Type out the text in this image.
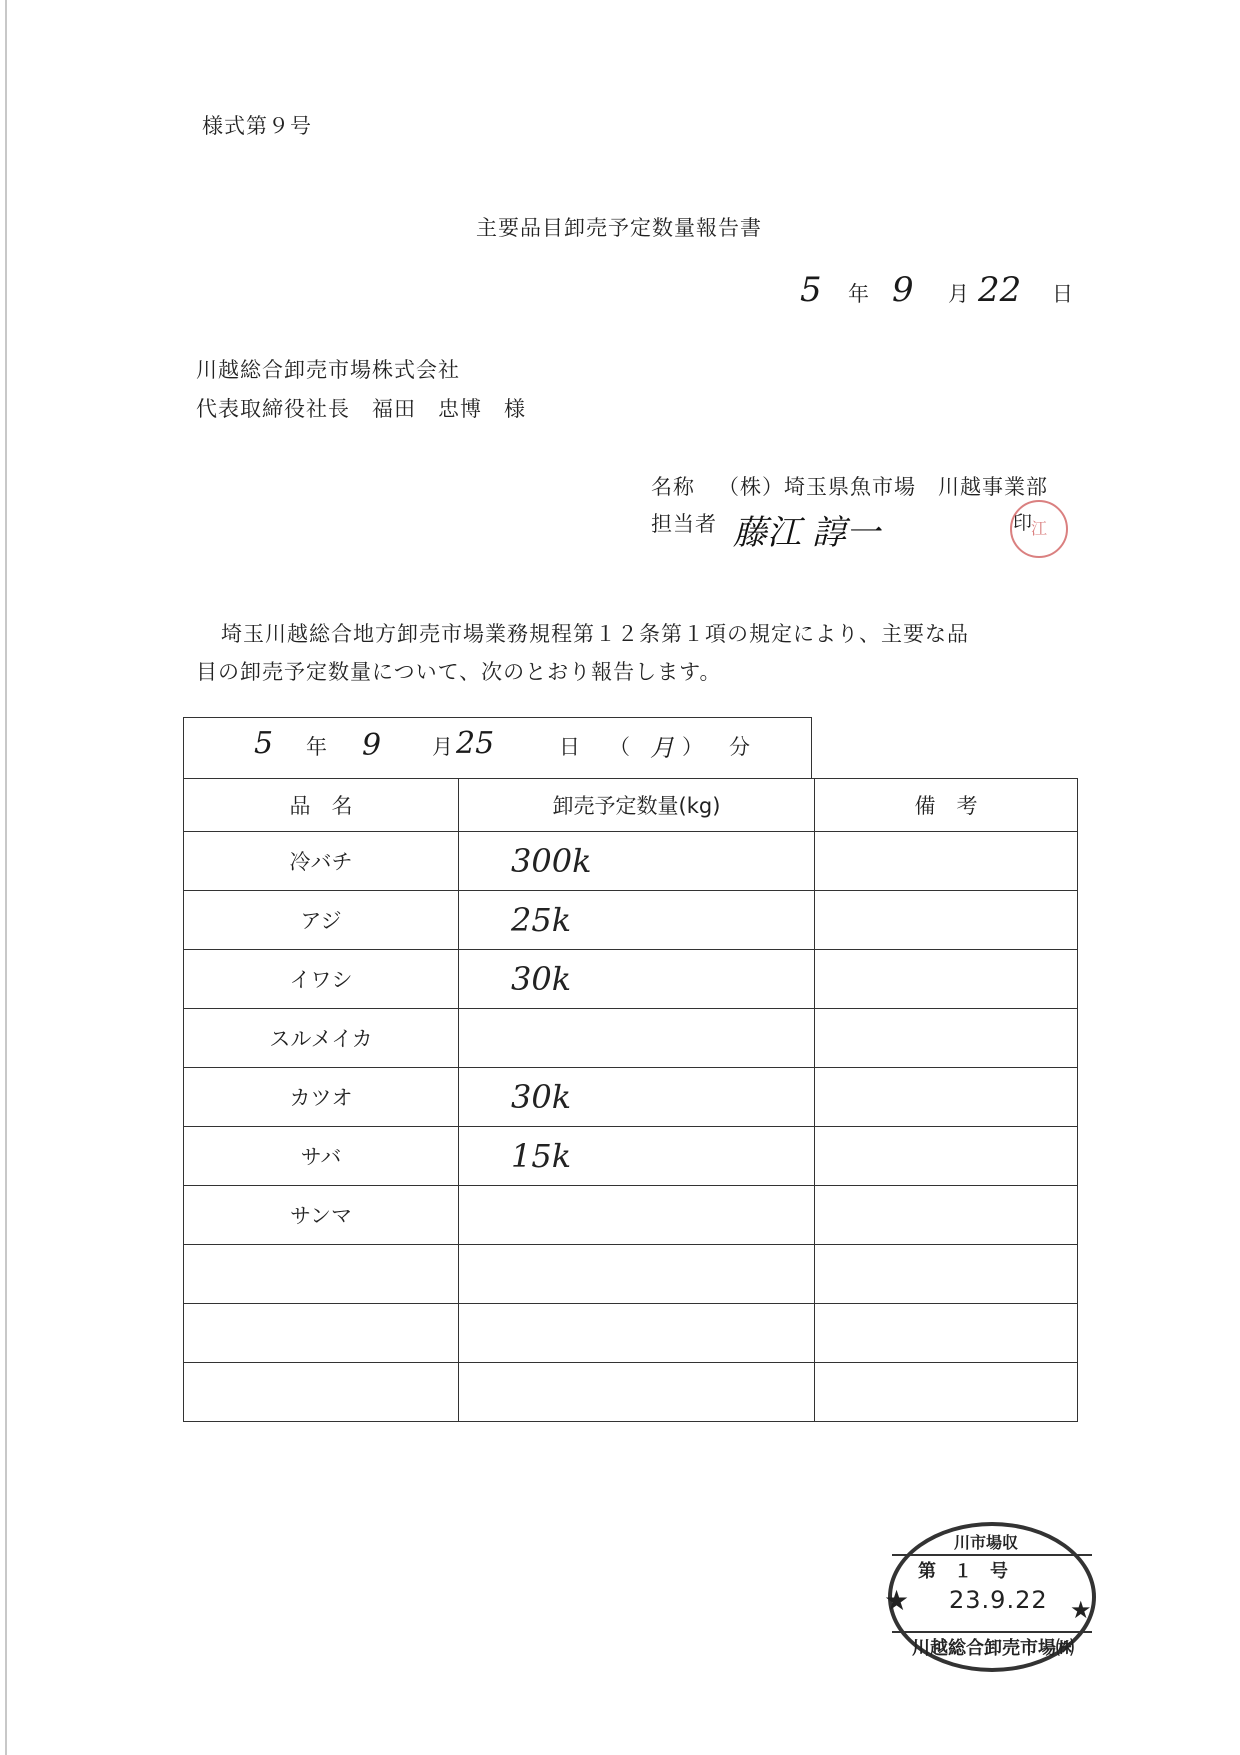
様式第９号
主要品目卸売予定数量報告書
5 年 9 月 22 日
川越総合卸売市場株式会社
代表取締役社長　福田　忠博　様
名称 （株）埼玉県魚市場　川越事業部
担当者 藤江 諄一	印
江
埼玉川越総合地方卸売市場業務規程第１２条第１項の規定により、主要な品
目の卸売予定数量について、次のとおり報告します。
5 年 9 月 25	日 （ 月 ） 分
品　名	卸売予定数量(kg)	備　考
冷バチ	300k	

アジ	25k	

イワシ	30k	

スルメイカ	

カツオ	30k	

サバ	15k	

サンマ	

川市場収
第　１　号
23.9.22
川越総合卸売市場㈱
★	★
